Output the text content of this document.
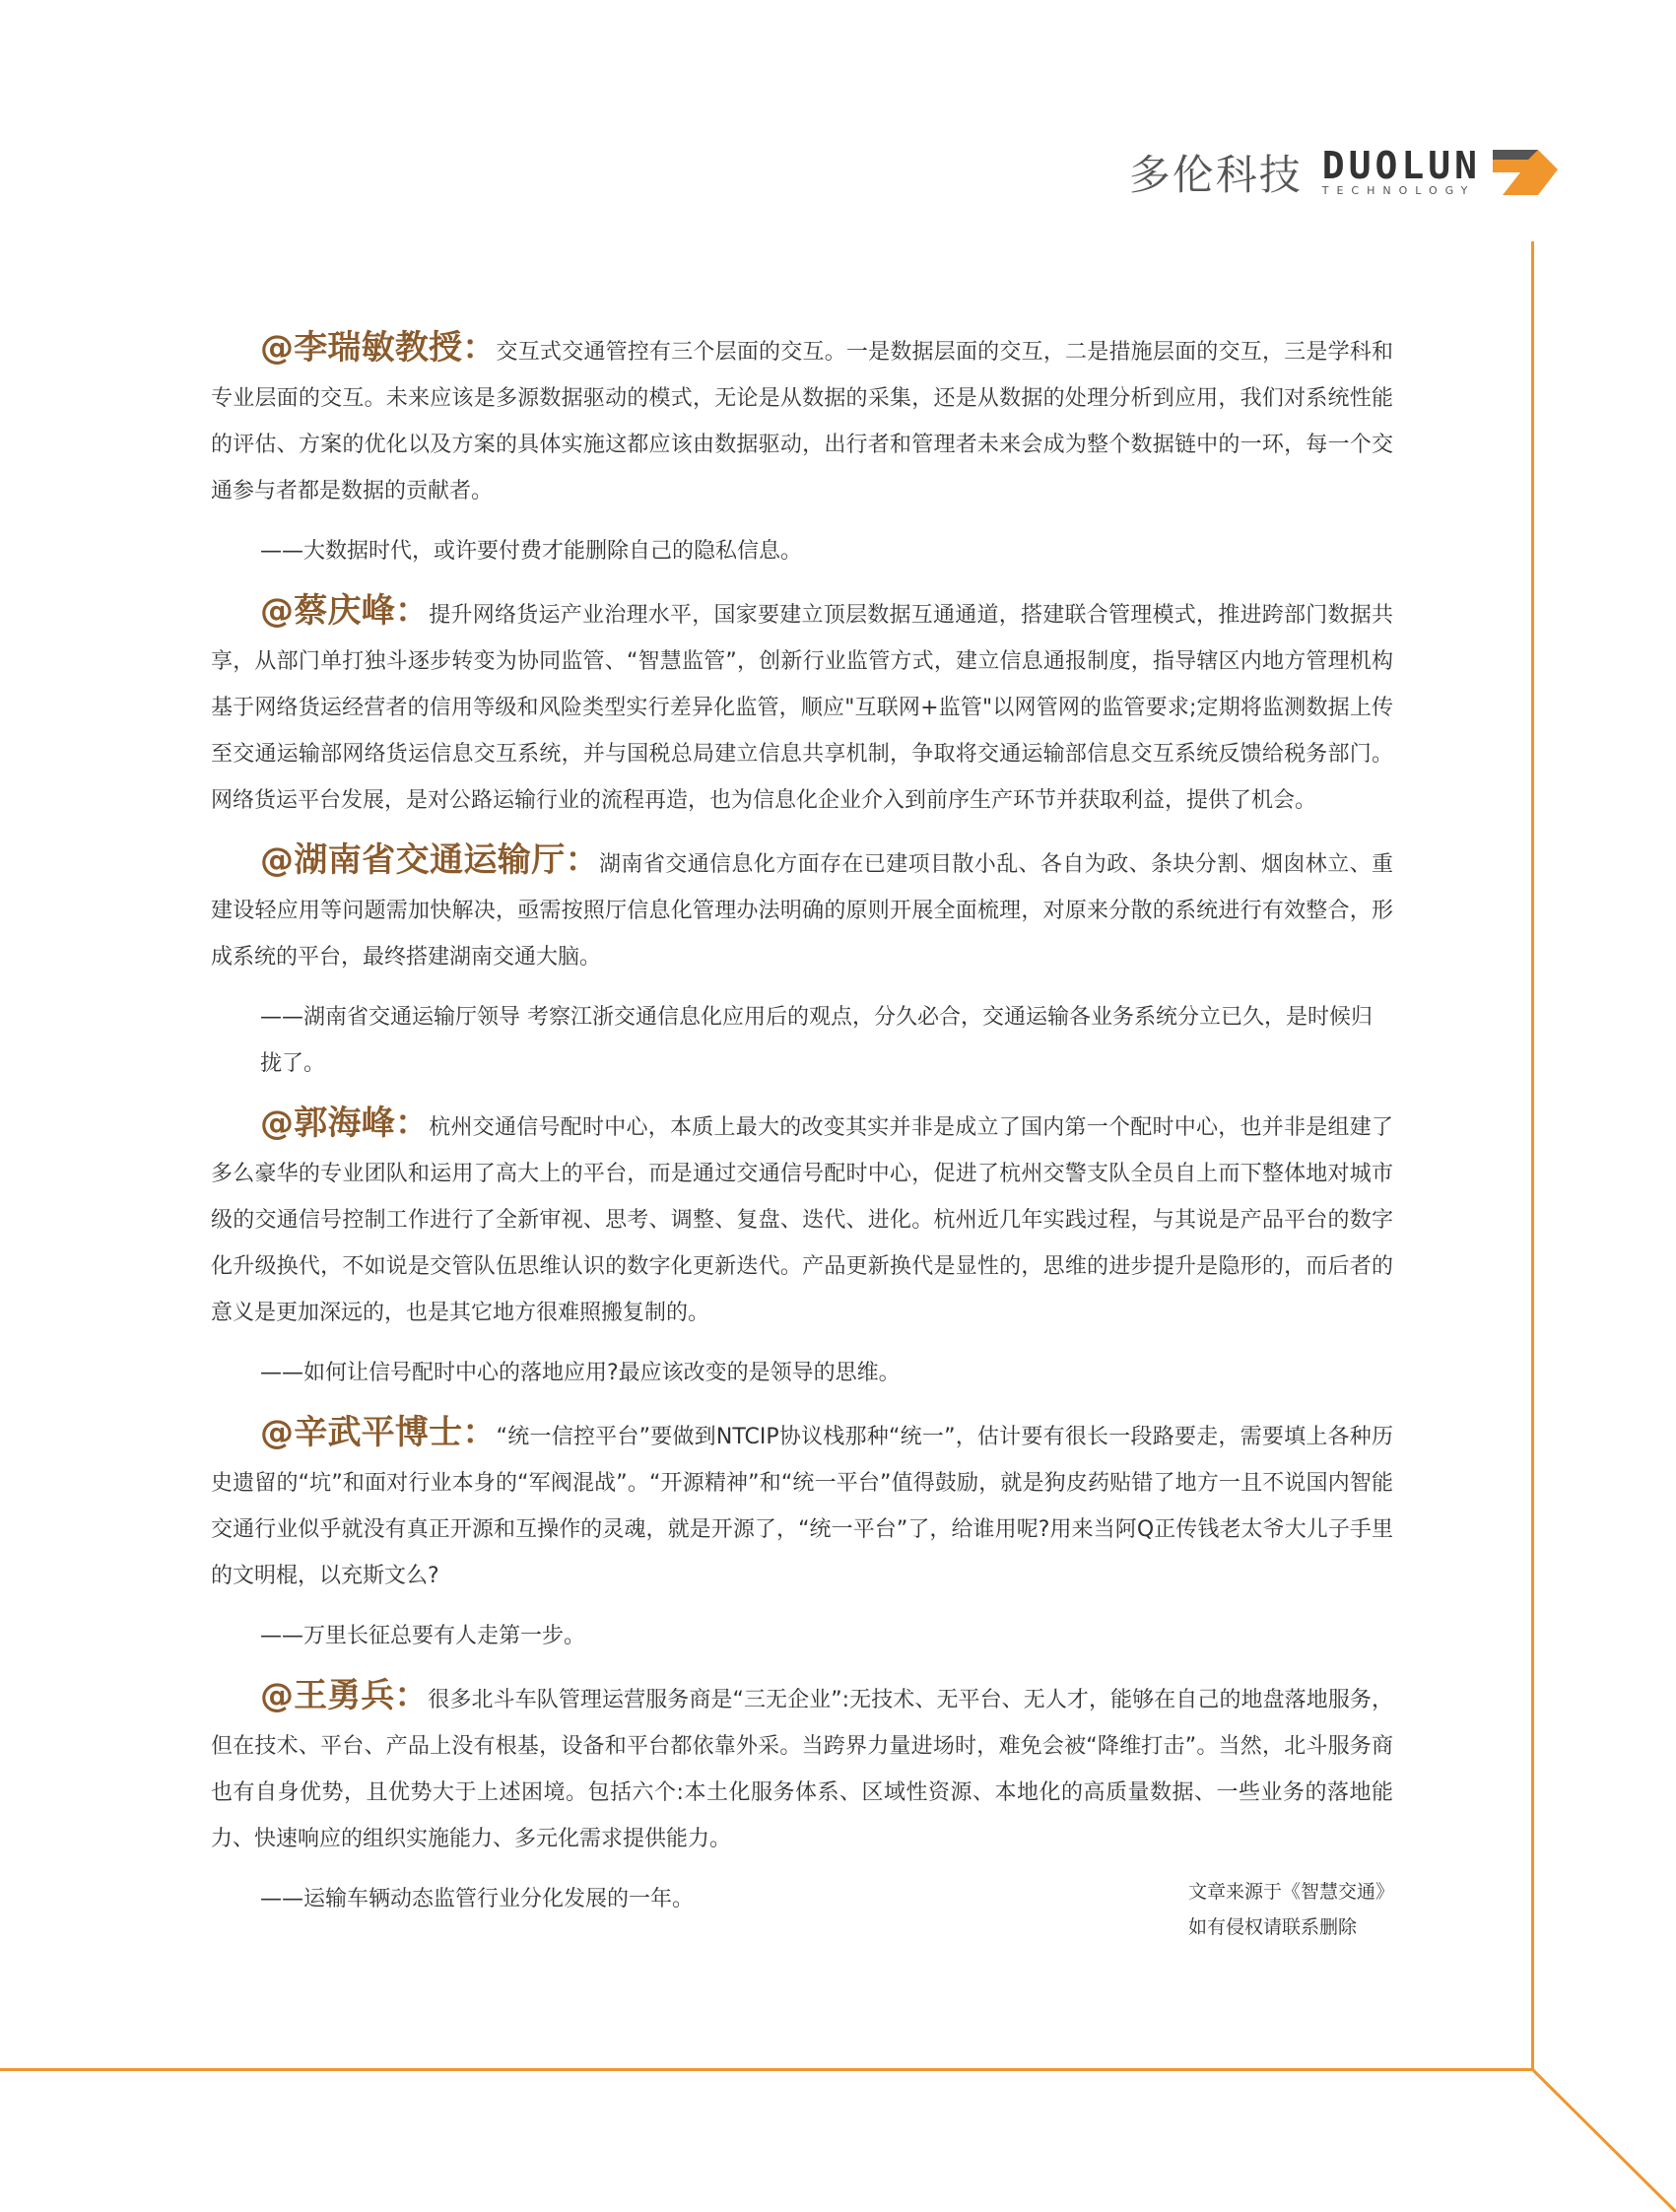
多伦科技 DUOLUN
TECHNOLOGY

@李瑞敏教授：交互式交通管控有三个层面的交互。一是数据层面的交互，二是措施层面的交互，三是学科和专业层面的交互。未来应该是多源数据驱动的模式，无论是从数据的采集，还是从数据的处理分析到应用，我们对系统性能的评估、方案的优化以及方案的具体实施这都应该由数据驱动，出行者和管理者未来会成为整个数据链中的一环，每一个交通参与者都是数据的贡献者。

——大数据时代，或许要付费才能删除自己的隐私信息。

@蔡庆峰：提升网络货运产业治理水平，国家要建立顶层数据互通通道，搭建联合管理模式，推进跨部门数据共享，从部门单打独斗逐步转变为协同监管、“智慧监管”，创新行业监管方式，建立信息通报制度，指导辖区内地方管理机构基于网络货运经营者的信用等级和风险类型实行差异化监管，顺应"互联网+监管"以网管网的监管要求;定期将监测数据上传至交通运输部网络货运信息交互系统，并与国税总局建立信息共享机制，争取将交通运输部信息交互系统反馈给税务部门。网络货运平台发展，是对公路运输行业的流程再造，也为信息化企业介入到前序生产环节并获取利益，提供了机会。

@湖南省交通运输厅：湖南省交通信息化方面存在已建项目散小乱、各自为政、条块分割、烟囱林立、重建设轻应用等问题需加快解决，亟需按照厅信息化管理办法明确的原则开展全面梳理，对原来分散的系统进行有效整合，形成系统的平台，最终搭建湖南交通大脑。

——湖南省交通运输厅领导 考察江浙交通信息化应用后的观点，分久必合，交通运输各业务系统分立已久，是时候归拢了。

@郭海峰：杭州交通信号配时中心，本质上最大的改变其实并非是成立了国内第一个配时中心，也并非是组建了多么豪华的专业团队和运用了高大上的平台，而是通过交通信号配时中心，促进了杭州交警支队全员自上而下整体地对城市级的交通信号控制工作进行了全新审视、思考、调整、复盘、迭代、进化。杭州近几年实践过程，与其说是产品平台的数字化升级换代，不如说是交管队伍思维认识的数字化更新迭代。产品更新换代是显性的，思维的进步提升是隐形的，而后者的意义是更加深远的，也是其它地方很难照搬复制的。

——如何让信号配时中心的落地应用?最应该改变的是领导的思维。

@辛武平博士：“统一信控平台”要做到NTCIP协议栈那种“统一”，估计要有很长一段路要走，需要填上各种历史遗留的“坑”和面对行业本身的“军阀混战”。“开源精神”和“统一平台”值得鼓励，就是狗皮药贴错了地方一且不说国内智能交通行业似乎就没有真正开源和互操作的灵魂，就是开源了，“统一平台”了，给谁用呢?用来当阿Q正传钱老太爷大儿子手里的文明棍，以充斯文么?

——万里长征总要有人走第一步。

@王勇兵：很多北斗车队管理运营服务商是“三无企业”:无技术、无平台、无人才，能够在自己的地盘落地服务，但在技术、平台、产品上没有根基，设备和平台都依靠外采。当跨界力量进场时，难免会被“降维打击”。当然，北斗服务商也有自身优势，且优势大于上述困境。包括六个:本土化服务体系、区域性资源、本地化的高质量数据、一些业务的落地能力、快速响应的组织实施能力、多元化需求提供能力。

——运输车辆动态监管行业分化发展的一年。	文章来源于《智慧交通》
如有侵权请联系删除
